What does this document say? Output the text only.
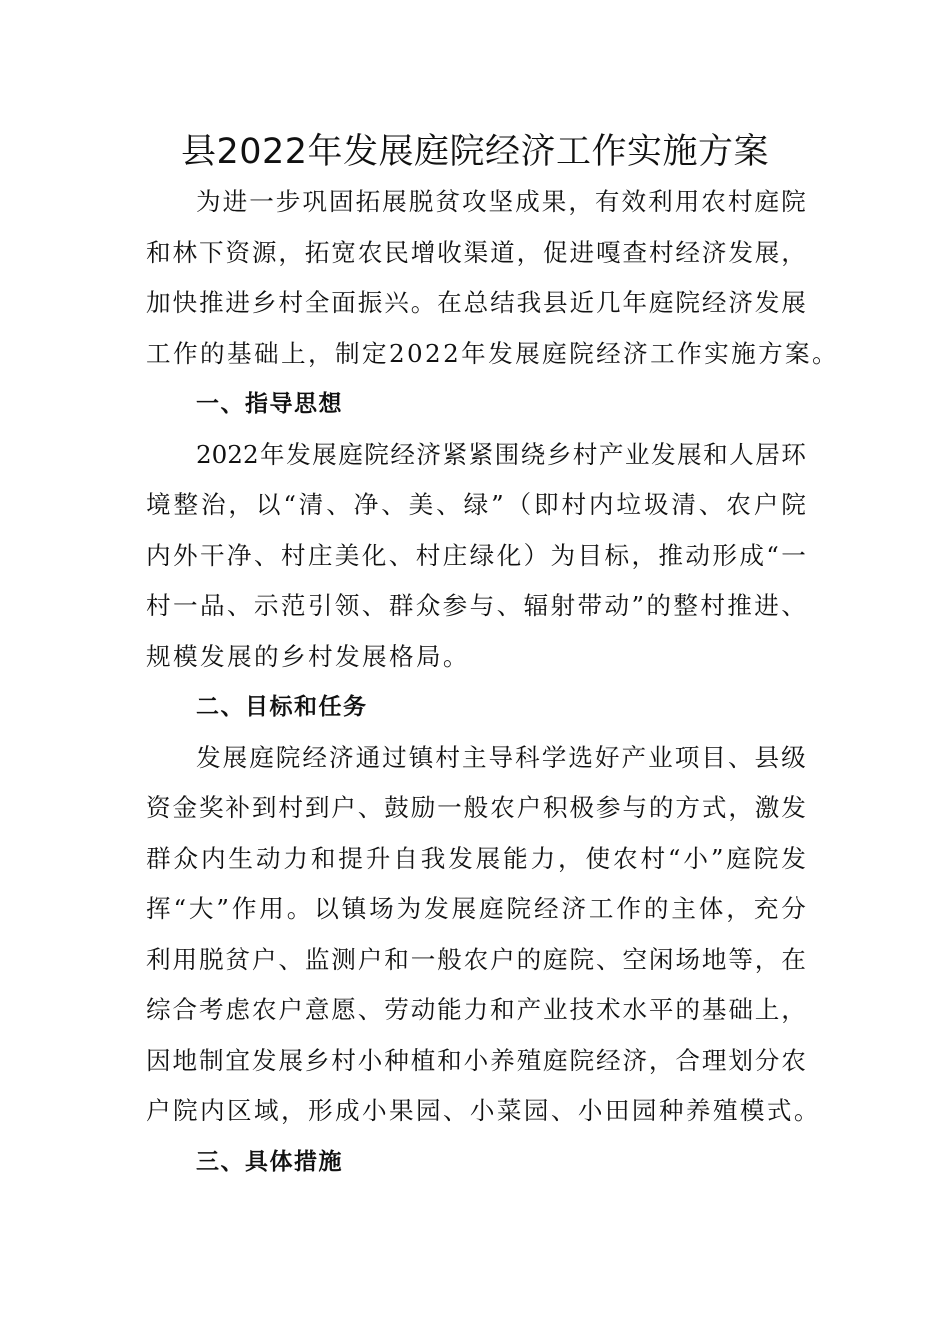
县2022年发展庭院经济工作实施方案
为 进 一 步 巩 固 拓 展 脱 贫 攻 坚 成 果 ， 有 效 利 用 农 村 庭 院
和 林 下 资 源 ， 拓 宽 农 民 增 收 渠 道 ， 促 进 嘎 查 村 经 济 发 展 ，
加 快 推 进 乡 村 全 面 振 兴 。 在 总 结 我 县 近 几 年 庭 院 经 济 发 展
工作的基础上，制定2022年发展庭院经济工作实施方案。
一、指导思想
2022 年 发 展 庭 院 经 济 紧 紧 围 绕 乡 村 产 业 发 展 和 人 居 环
境 整 治 ， 以 “ 清 、 净 、 美 、 绿 ” （ 即 村 内 垃 圾 清 、 农 户 院
内 外 干 净 、 村 庄 美 化 、 村 庄 绿 化 ） 为 目 标 ， 推 动 形 成 “ 一
村 一 品 、 示 范 引 领 、 群 众 参 与 、 辐 射 带 动 ” 的 整 村 推 进 、
规模发展的乡村发展格局。
二、目标和任务
发 展 庭 院 经 济 通 过 镇 村 主 导 科 学 选 好 产 业 项 目 、 县 级
资 金 奖 补 到 村 到 户 、 鼓 励 一 般 农 户 积 极 参 与 的 方 式 ， 激 发
群 众 内 生 动 力 和 提 升 自 我 发 展 能 力 ， 使 农 村 “ 小 ” 庭 院 发
挥 “ 大 ” 作 用 。 以 镇 场 为 发 展 庭 院 经 济 工 作 的 主 体 ， 充 分
利 用 脱 贫 户 、 监 测 户 和 一 般 农 户 的 庭 院 、 空 闲 场 地 等 ， 在
综 合 考 虑 农 户 意 愿 、 劳 动 能 力 和 产 业 技 术 水 平 的 基 础 上 ，
因 地 制 宜 发 展 乡 村 小 种 植 和 小 养 殖 庭 院 经 济 ， 合 理 划 分 农
户院内区域，形成小果园、小菜园、小田园种养殖模式。
三、具体措施
